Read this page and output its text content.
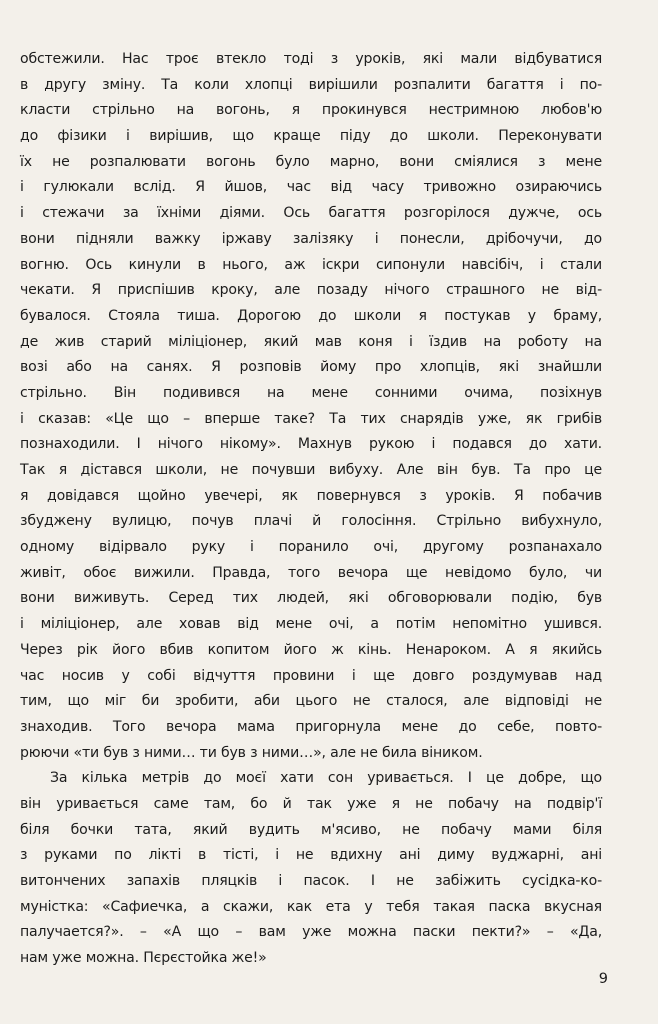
обстежили. Нас троє втекло тоді з уроків, які мали відбуватися
в другу зміну. Та коли хлопці вирішили розпалити багаття і по-
класти стрільно на вогонь, я прокинувся нестримною любов'ю
до фізики і вирішив, що краще піду до школи. Переконувати
їх не розпалювати вогонь було марно, вони сміялися з мене
і гулюкали вслід. Я йшов, час від часу тривожно озираючись
і стежачи за їхніми діями. Ось багаття розгорілося дужче, ось
вони підняли важку іржаву залізяку і понесли, дрібочучи, до
вогню. Ось кинули в нього, аж іскри сипонули навсібіч, і стали
чекати. Я приспішив кроку, але позаду нічого страшного не від-
бувалося. Стояла тиша. Дорогою до школи я постукав у браму,
де жив старий міліціонер, який мав коня і їздив на роботу на
возі або на санях. Я розповів йому про хлопців, які знайшли
стрільно. Він подивився на мене сонними очима, позіхнув
і сказав: «Це що – вперше таке? Та тих снарядів уже, як грибів
познаходили. І нічого нікому». Махнув рукою і подався до хати.
Так я дістався школи, не почувши вибуху. Але він був. Та про це
я довідався щойно увечері, як повернувся з уроків. Я побачив
збуджену вулицю, почув плачі й голосіння. Стрільно вибухнуло,
одному відірвало руку і поранило очі, другому розпанахало
живіт, обоє вижили. Правда, того вечора ще невідомо було, чи
вони виживуть. Серед тих людей, які обговорювали подію, був
і міліціонер, але ховав від мене очі, а потім непомітно ушився.
Через рік його вбив копитом його ж кінь. Ненароком. А я якийсь
час носив у собі відчуття провини і ще довго роздумував над
тим, що міг би зробити, аби цього не сталося, але відповіді не
знаходив. Того вечора мама пригорнула мене до себе, повто-
рюючи «ти був з ними… ти був з ними…», але не била віником.
За кілька метрів до моєї хати сон уривається. І це добре, що
він уривається саме там, бо й так уже я не побачу на подвір'ї
біля бочки тата, який вудить м'ясиво, не побачу мами біля
з руками по лікті в тісті, і не вдихну ані диму вуджарні, ані
витончених запахів пляцків і пасок. І не забіжить сусідка-ко-
муністка: «Сафиечка, а скажи, как ета у тебя такая паска вкусная
палучается?». – «А що – вам уже можна паски пекти?» – «Да,
нам уже можна. Пєрєстойка же!»
9
